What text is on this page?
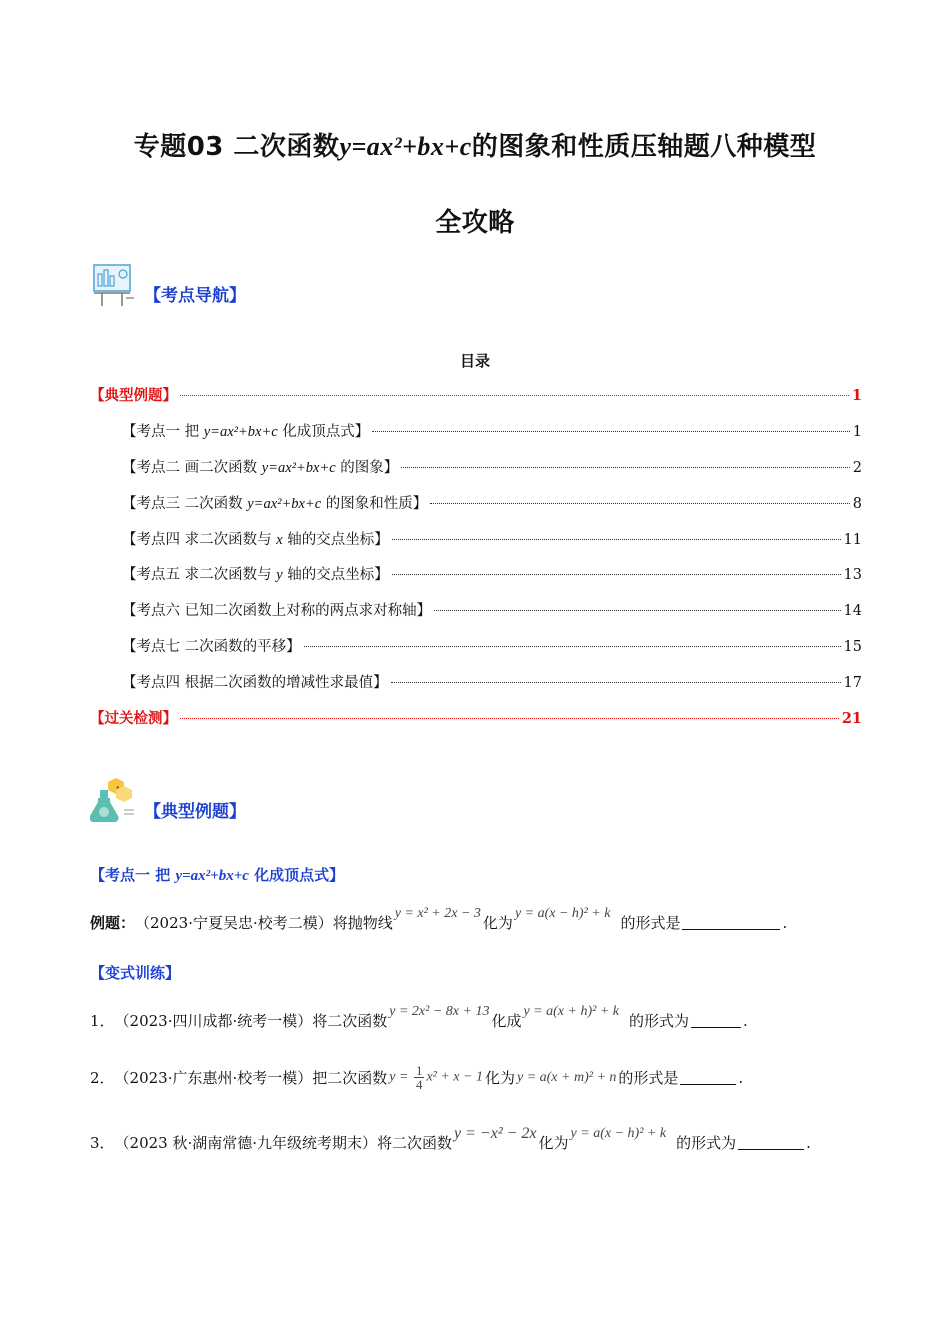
专题03 二次函数y=ax²+bx+c的图象和性质压轴题八种模型
全攻略
【考点导航】
目录
【典型例题】	1
【考点一 把 y=ax²+bx+c 化成顶点式】	1
【考点二 画二次函数 y=ax²+bx+c 的图象】	2
【考点三 二次函数 y=ax²+bx+c 的图象和性质】	8
【考点四 求二次函数与 x 轴的交点坐标】	11
【考点五 求二次函数与 y 轴的交点坐标】	13
【考点六 已知二次函数上对称的两点求对称轴】	14
【考点七 二次函数的平移】	15
【考点四 根据二次函数的增减性求最值】	17
【过关检测】	21
【典型例题】
【考点一 把 y=ax²+bx+c 化成顶点式】
例题： （2023·宁夏吴忠·校考二模）将抛物线
y = x² + 2x − 3
化为
y = a(x − h)² + k
的形式是	.
【变式训练】
1． （2023·四川成都·统考一模）将二次函数
y = 2x² − 8x + 13
化成
y = a(x + h)² + k
的形式为	.
2． （2023·广东惠州·校考一模）把二次函数 $y = \frac{1}{4} x^2 + x - 1$ 化为 y = a(x + m)² + n 的形式是	.
3． （2023 秋·湖南常德·九年级统考期末）将二次函数
y = −x² − 2x
化为
y = a(x − h)² + k
的形式为	.
